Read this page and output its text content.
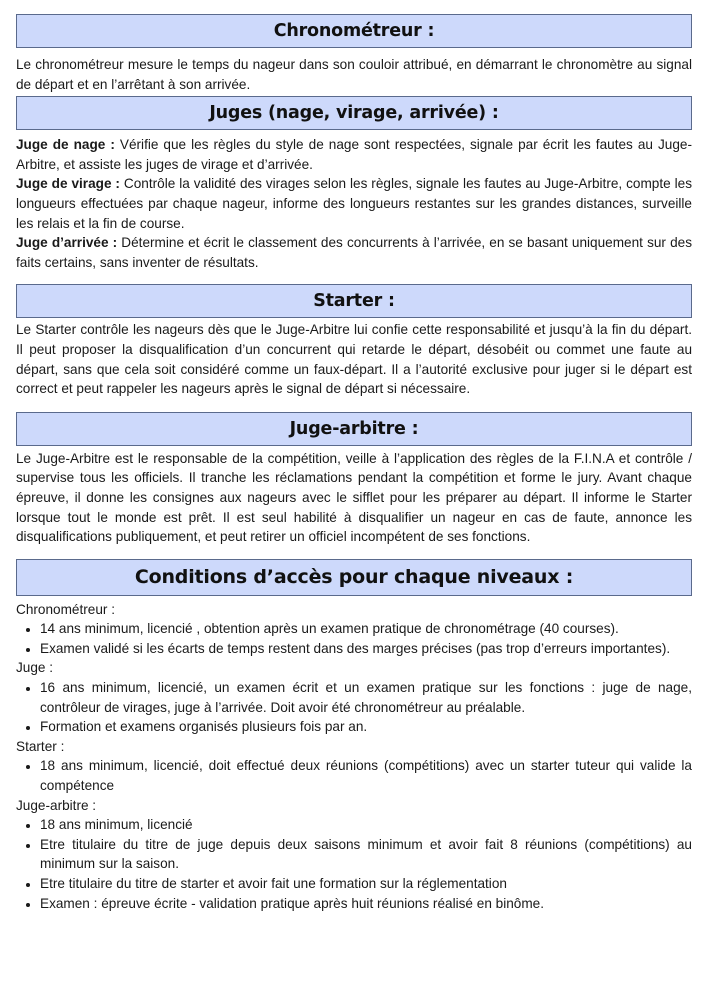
Chronométreur :

Le chronométreur mesure le temps du nageur dans son couloir attribué, en démarrant le chronomètre au signal de départ et en l’arrêtant à son arrivée.

Juges (nage, virage, arrivée) :

Juge de nage : Vérifie que les règles du style de nage sont respectées, signale par écrit les fautes au Juge-Arbitre, et assiste les juges de virage et d’arrivée.

Juge de virage : Contrôle la validité des virages selon les règles, signale les fautes au Juge-Arbitre, compte les longueurs effectuées par chaque nageur, informe des longueurs restantes sur les grandes distances, surveille les relais et la fin de course.

Juge d’arrivée : Détermine et écrit le classement des concurrents à l’arrivée, en se basant uniquement sur des faits certains, sans inventer de résultats.

Starter :

Le Starter contrôle les nageurs dès que le Juge-Arbitre lui confie cette responsabilité et jusqu’à la fin du départ. Il peut proposer la disqualification d’un concurrent qui retarde le départ, désobéit ou commet une faute au départ, sans que cela soit considéré comme un faux-départ. Il a l’autorité exclusive pour juger si le départ est correct et peut rappeler les nageurs après le signal de départ si nécessaire.

Juge-arbitre :

Le Juge-Arbitre est le responsable de la compétition, veille à l’application des règles de la F.I.N.A et contrôle / supervise tous les officiels. Il tranche les réclamations pendant la compétition et forme le jury. Avant chaque épreuve, il donne les consignes aux nageurs avec le sifflet pour les préparer au départ. Il informe le Starter lorsque tout le monde est prêt. Il est seul habilité à disqualifier un nageur en cas de faute, annonce les disqualifications publiquement, et peut retirer un officiel incompétent de ses fonctions.

Conditions d’accès pour chaque niveaux :
Chronométreur :
• 14 ans minimum, licencié , obtention après un examen pratique de chronométrage (40 courses).
• Examen validé si les écarts de temps restent dans des marges précises (pas trop d’erreurs importantes).
Juge :
• 16 ans minimum, licencié, un examen écrit et un examen pratique sur les fonctions : juge de nage, contrôleur de virages, juge à l’arrivée. Doit avoir été chronométreur au préalable.
• Formation et examens organisés plusieurs fois par an.
Starter :
• 18 ans minimum, licencié, doit effectué deux réunions (compétitions) avec un starter tuteur qui valide la compétence
Juge-arbitre :
• 18 ans minimum, licencié
• Etre titulaire du titre de juge depuis deux saisons minimum et avoir fait 8 réunions (compétitions) au minimum sur la saison.
• Etre titulaire du titre de starter et avoir fait une formation sur la réglementation
• Examen : épreuve écrite - validation pratique après huit réunions réalisé en binôme.
